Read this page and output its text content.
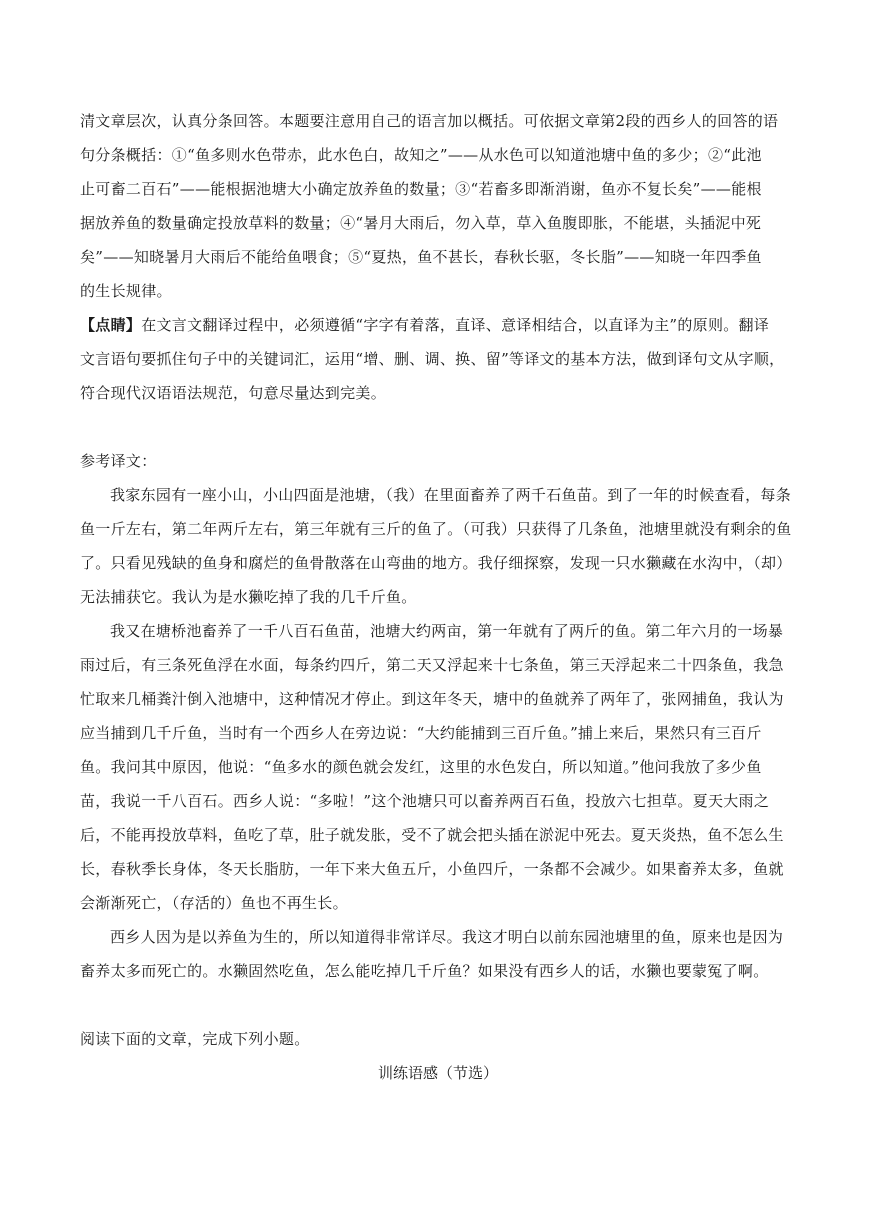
清文章层次，认真分条回答。本题要注意用自己的语言加以概括。可依据文章第2段的西乡人的回答的语
句分条概括：①“鱼多则水色带赤，此水色白，故知之”——从水色可以知道池塘中鱼的多少；②“此池
止可畜二百石”——能根据池塘大小确定放养鱼的数量；③“若畜多即渐消谢，鱼亦不复长矣”——能根
据放养鱼的数量确定投放草料的数量；④“暑月大雨后，勿入草，草入鱼腹即胀，不能堪，头插泥中死
矣”——知晓暑月大雨后不能给鱼喂食；⑤“夏热，鱼不甚长，春秋长驱，冬长脂”——知晓一年四季鱼
的生长规律。
【点睛】在文言文翻译过程中，必须遵循“字字有着落，直译、意译相结合，以直译为主”的原则。翻译
文言语句要抓住句子中的关键词汇，运用“增、删、调、换、留”等译文的基本方法，做到译句文从字顺，
符合现代汉语语法规范，句意尽量达到完美。
参考译文：
我家东园有一座小山，小山四面是池塘，（我）在里面畜养了两千石鱼苗。到了一年的时候查看，每条
鱼一斤左右，第二年两斤左右，第三年就有三斤的鱼了。（可我）只获得了几条鱼，池塘里就没有剩余的鱼
了。只看见残缺的鱼身和腐烂的鱼骨散落在山弯曲的地方。我仔细探察，发现一只水獭藏在水沟中，（却）
无法捕获它。我认为是水獭吃掉了我的几千斤鱼。
我又在塘桥池畜养了一千八百石鱼苗，池塘大约两亩，第一年就有了两斤的鱼。第二年六月的一场暴
雨过后，有三条死鱼浮在水面，每条约四斤，第二天又浮起来十七条鱼，第三天浮起来二十四条鱼，我急
忙取来几桶粪汁倒入池塘中，这种情况才停止。到这年冬天，塘中的鱼就养了两年了，张网捕鱼，我认为
应当捕到几千斤鱼，当时有一个西乡人在旁边说：“大约能捕到三百斤鱼。”捕上来后，果然只有三百斤
鱼。我问其中原因，他说：“鱼多水的颜色就会发红，这里的水色发白，所以知道。”他问我放了多少鱼
苗，我说一千八百石。西乡人说：“多啦！”这个池塘只可以畜养两百石鱼，投放六七担草。夏天大雨之
后，不能再投放草料，鱼吃了草，肚子就发胀，受不了就会把头插在淤泥中死去。夏天炎热，鱼不怎么生
长，春秋季长身体，冬天长脂肪，一年下来大鱼五斤，小鱼四斤，一条都不会减少。如果畜养太多，鱼就
会渐渐死亡，（存活的）鱼也不再生长。
西乡人因为是以养鱼为生的，所以知道得非常详尽。我这才明白以前东园池塘里的鱼，原来也是因为
畜养太多而死亡的。水獭固然吃鱼，怎么能吃掉几千斤鱼？如果没有西乡人的话，水獭也要蒙冤了啊。
阅读下面的文章，完成下列小题。
训练语感（节选）
